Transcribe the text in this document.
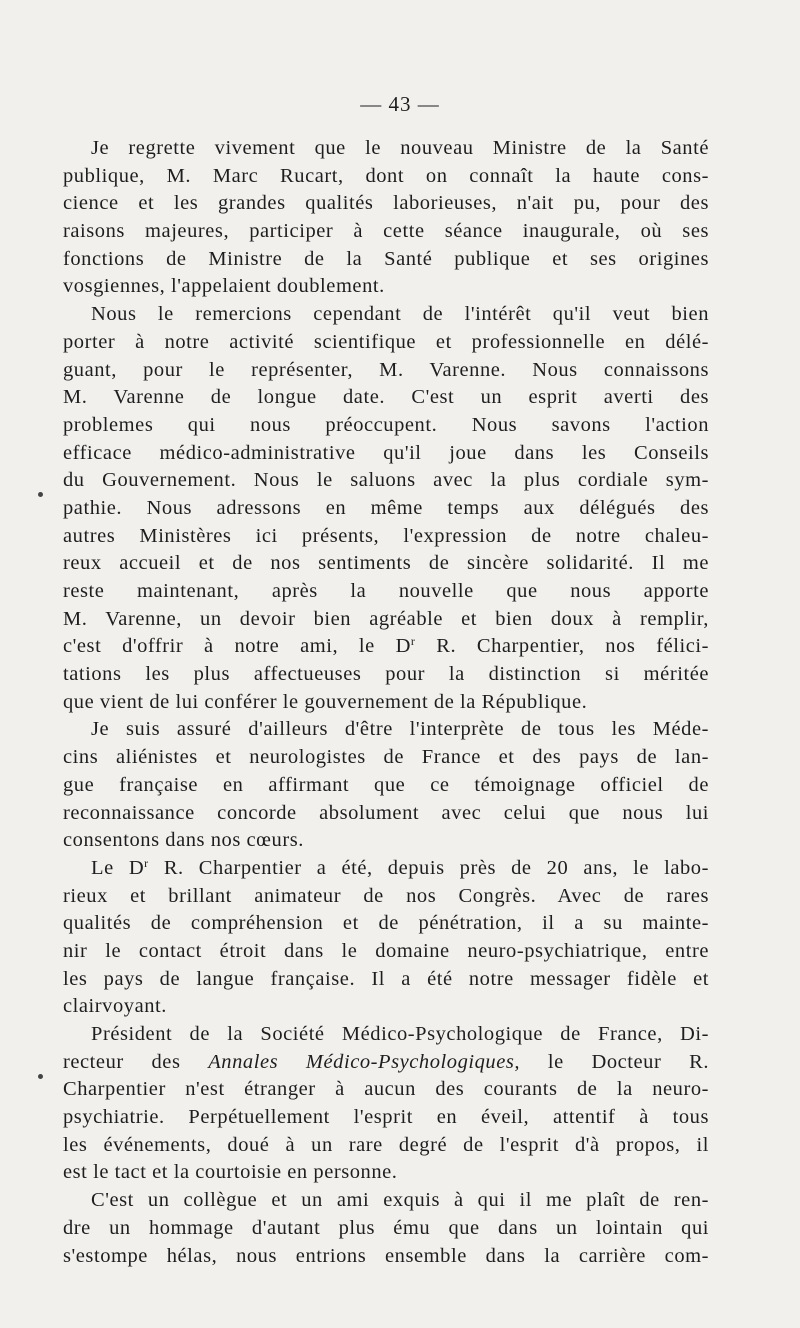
— 43 —
Je regrette vivement que le nouveau Ministre de la Santé
publique, M. Marc Rucart, dont on connaît la haute cons-
cience et les grandes qualités laborieuses, n'ait pu, pour des
raisons majeures, participer à cette séance inaugurale, où ses
fonctions de Ministre de la Santé publique et ses origines
vosgiennes, l'appelaient doublement.
Nous le remercions cependant de l'intérêt qu'il veut bien
porter à notre activité scientifique et professionnelle en délé-
guant, pour le représenter, M. Varenne. Nous connaissons
M. Varenne de longue date. C'est un esprit averti des
problemes qui nous préoccupent. Nous savons l'action
efficace médico-administrative qu'il joue dans les Conseils
du Gouvernement. Nous le saluons avec la plus cordiale sym-
pathie. Nous adressons en même temps aux délégués des
autres Ministères ici présents, l'expression de notre chaleu-
reux accueil et de nos sentiments de sincère solidarité. Il me
reste maintenant, après la nouvelle que nous apporte
M. Varenne, un devoir bien agréable et bien doux à remplir,
c'est d'offrir à notre ami, le $D^r$ R. Charpentier, nos félici-
tations les plus affectueuses pour la distinction si méritée
que vient de lui conférer le gouvernement de la République.
Je suis assuré d'ailleurs d'être l'interprète de tous les Méde-
cins aliénistes et neurologistes de France et des pays de lan-
gue française en affirmant que ce témoignage officiel de
reconnaissance concorde absolument avec celui que nous lui
consentons dans nos cœurs.
Le $D^r$ R. Charpentier a été, depuis près de 20 ans, le labo-
rieux et brillant animateur de nos Congrès. Avec de rares
qualités de compréhension et de pénétration, il a su mainte-
nir le contact étroit dans le domaine neuro-psychiatrique, entre
les pays de langue française. Il a été notre messager fidèle et
clairvoyant.
Président de la Société Médico-Psychologique de France, Di-
recteur des Annales Médico-Psychologiques, le Docteur R.
Charpentier n'est étranger à aucun des courants de la neuro-
psychiatrie. Perpétuellement l'esprit en éveil, attentif à tous
les événements, doué à un rare degré de l'esprit d'à propos, il
est le tact et la courtoisie en personne.
C'est un collègue et un ami exquis à qui il me plaît de ren-
dre un hommage d'autant plus ému que dans un lointain qui
s'estompe hélas, nous entrions ensemble dans la carrière com-
